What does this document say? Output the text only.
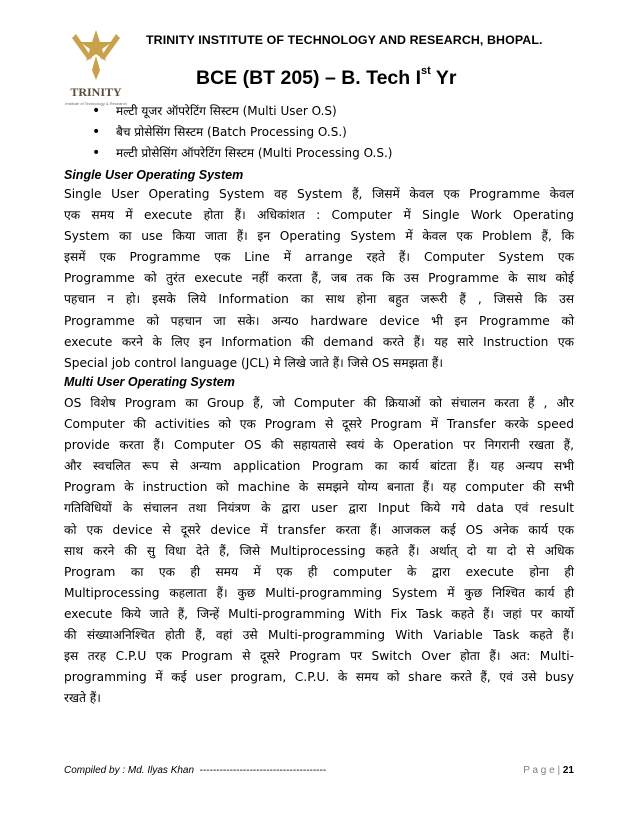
TRINITY
Institute of Technology & Research
TRINITY INSTITUTE OF TECHNOLOGY AND RESEARCH, BHOPAL.
BCE (BT 205) – B. Tech Ist Yr
• मल्टी यूजर ऑपरेटिंग सिस्टम (Multi User O.S)
• बैच प्रोसेसिंग सिस्टम (Batch Processing O.S.)
• मल्टी प्रोसेसिंग ऑपरेटिंग सिस्टम (Multi Processing O.S.)
Single User Operating System
Single User Operating System वह System हैं, जिसमें केवल एक Programme केवल
एक समय में execute होता हैं। अधिकांशत : Computer में Single Work Operating
System का use किया जाता हैं। इन Operating System में केवल एक Problem हैं, कि
इसमें एक Programme एक Line में arrange रहते हैं। Computer System एक
Programme को तुरंत execute नहीं करता हैं, जब तक कि उस Programme के साथ कोई
पहचान न हो। इसके लिये Information का साथ होना बहुत जरूरी हैं , जिससे कि उस
Programme को पहचान जा सके। अन्यo hardware device भी इन Programme को
execute करने के लिए इन Information की demand करते हैं। यह सारे Instruction एक
Special job control language (JCL) मे लिखे जाते हैं। जिसे OS समझता हैं।
Multi User Operating System
OS विशेष Program का Group हैं, जो Computer की क्रियाओं को संचालन करता हैं , और
Computer की activities को एक Program से दूसरे Program में Transfer करके speed
provide करता हैं। Computer OS की सहायतासे स्वयं के Operation पर निगरानी रखता हैं,
और स्वचलित रूप से अन्यm application Program का कार्य बांटता हैं। यह अन्यप सभी
Program के instruction को machine के समझने योग्य बनाता हैं। यह computer की सभी
गतिविधियों के संचालन तथा नियंत्रण के द्वारा user द्वारा Input किये गये data एवं result
को एक device से दूसरे device में transfer करता हैं। आजकल कई OS अनेक कार्य एक
साथ करने की सु विधा देते हैं, जिसे Multiprocessing कहते हैं। अर्थात् दो या दो से अधिक
Program का एक ही समय में एक ही computer के द्वारा execute होना ही
Multiprocessing कहलाता हैं। कुछ Multi-programming System में कुछ निश्चित कार्य ही
execute किये जाते हैं, जिन्हें Multi-programming With Fix Task कहते हैं। जहां पर कार्यो
की संख्याअनिश्चित होती हैं, वहां उसे Multi-programming With Variable Task कहते हैं।
इस तरह C.P.U एक Program से दूसरे Program पर Switch Over होता हैं। अत: Multi-
programming में कई user program, C.P.U. के समय को share करते हैं, एवं उसे busy
रखते हैं।
Compiled by : Md. Ilyas Khan --------------------------------------	P a g e | 21
